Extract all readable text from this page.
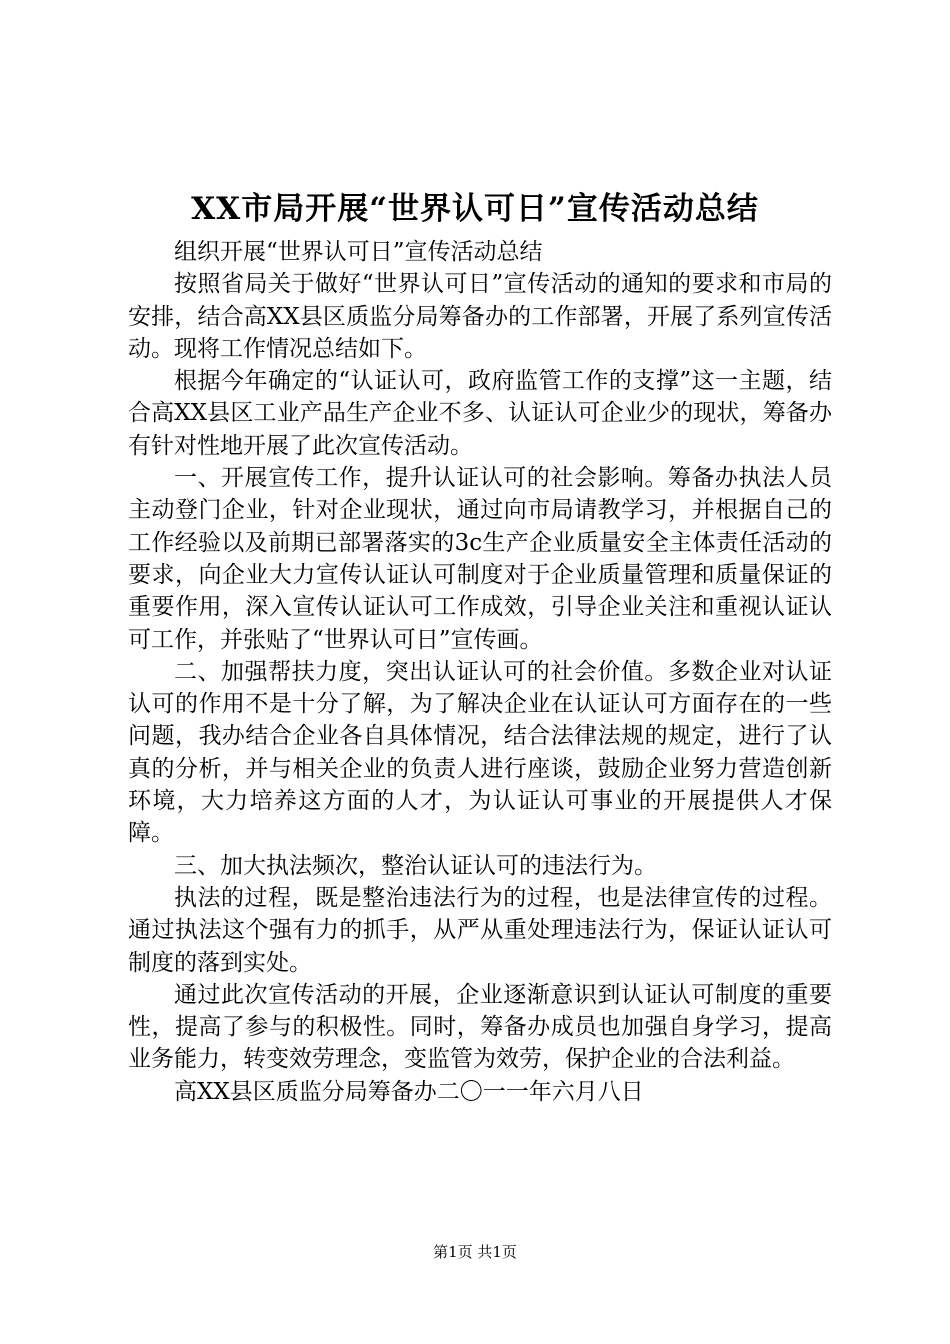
XX市局开展“世界认可日”宣传活动总结

组织开展“世界认可日”宣传活动总结

按照省局关于做好“世界认可日”宣传活动的通知的要求和市局的安排，结合高XX县区质监分局筹备办的工作部署，开展了系列宣传活动。现将工作情况总结如下。

根据今年确定的“认证认可，政府监管工作的支撑”这一主题，结合高XX县区工业产品生产企业不多、认证认可企业少的现状，筹备办有针对性地开展了此次宣传活动。

一、开展宣传工作，提升认证认可的社会影响。筹备办执法人员主动登门企业，针对企业现状，通过向市局请教学习，并根据自己的工作经验以及前期已部署落实的3c生产企业质量安全主体责任活动的要求，向企业大力宣传认证认可制度对于企业质量管理和质量保证的重要作用，深入宣传认证认可工作成效，引导企业关注和重视认证认可工作，并张贴了“世界认可日”宣传画。

二、加强帮扶力度，突出认证认可的社会价值。多数企业对认证认可的作用不是十分了解，为了解决企业在认证认可方面存在的一些问题，我办结合企业各自具体情况，结合法律法规的规定，进行了认真的分析，并与相关企业的负责人进行座谈，鼓励企业努力营造创新环境，大力培养这方面的人才，为认证认可事业的开展提供人才保障。

三、加大执法频次，整治认证认可的违法行为。

执法的过程，既是整治违法行为的过程，也是法律宣传的过程。通过执法这个强有力的抓手，从严从重处理违法行为，保证认证认可制度的落到实处。

通过此次宣传活动的开展，企业逐渐意识到认证认可制度的重要性，提高了参与的积极性。同时，筹备办成员也加强自身学习，提高业务能力，转变效劳理念，变监管为效劳，保护企业的合法利益。

高XX县区质监分局筹备办二〇一一年六月八日

第1页 共1页
